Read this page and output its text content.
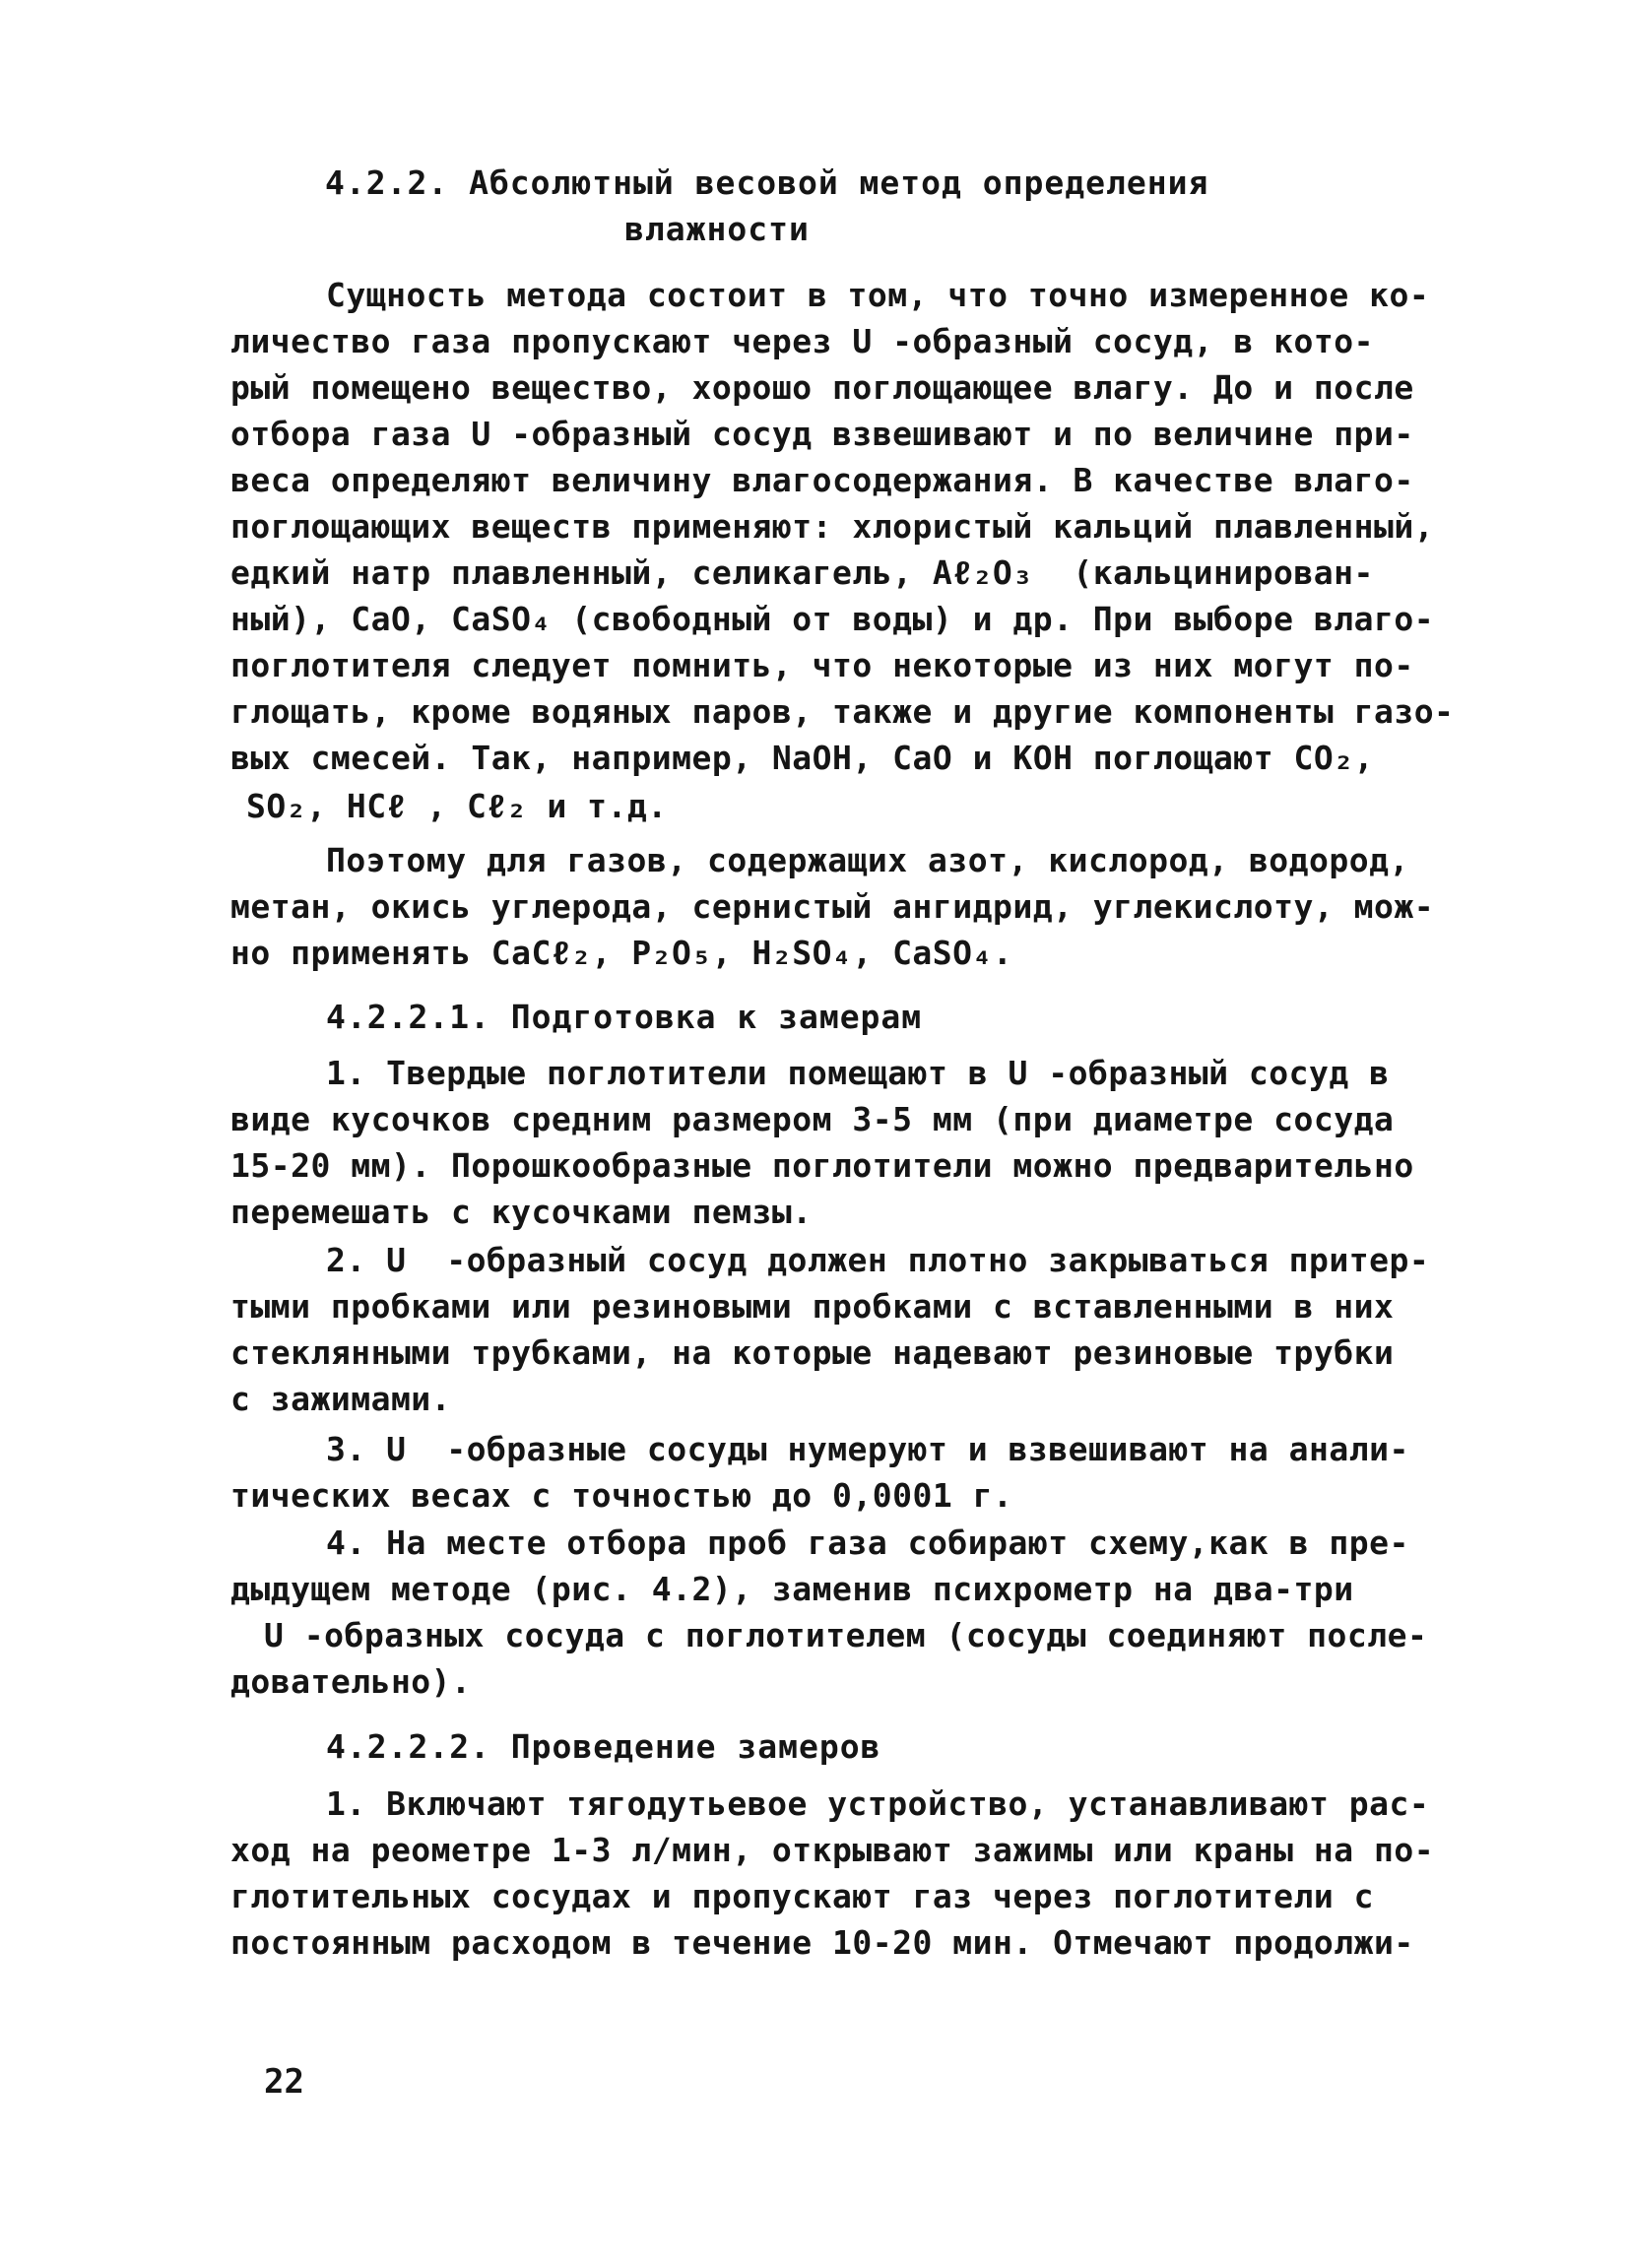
4.2.2. Абсолютный весовой метод определения
влажности
Сущность метода состоит в том, что точно измеренное ко-
личество газа пропускают через U -образный сосуд, в кото-
рый помещено вещество, хорошо поглощающее влагу. До и после
отбора газа U -образный сосуд взвешивают и по величине при-
веса определяют величину влагосодержания. В качестве влаго-
поглощающих веществ применяют: хлористый кальций плавленный,
едкий натр плавленный, селикагель, Aℓ₂O₃  (кальцинирован-
ный), CaO, CaSO₄ (свободный от воды) и др. При выборе влаго-
поглотителя следует помнить, что некоторые из них могут по-
глощать, кроме водяных паров, также и другие компоненты газо-
вых смесей. Так, например, NaOH, CaO и KOH поглощают CO₂,
SO₂, HCℓ , Cℓ₂ и т.д.
Поэтому для газов, содержащих азот, кислород, водород,
метан, окись углерода, сернистый ангидрид, углекислоту, мож-
но применять CaCℓ₂, P₂O₅, H₂SO₄, CaSO₄.
4.2.2.1. Подготовка к замерам
1. Твердые поглотители помещают в U -образный сосуд в
виде кусочков средним размером 3-5 мм (при диаметре сосуда
15-20 мм). Порошкообразные поглотители можно предварительно
перемешать с кусочками пемзы.
2. U  -образный сосуд должен плотно закрываться притер-
тыми пробками или резиновыми пробками с вставленными в них
стеклянными трубками, на которые надевают резиновые трубки
с зажимами.
3. U  -образные сосуды нумеруют и взвешивают на анали-
тических весах с точностью до 0,0001 г.
4. На месте отбора проб газа собирают схему,как в пре-
дыдущем методе (рис. 4.2), заменив психрометр на два-три
U -образных сосуда с поглотителем (сосуды соединяют после-
довательно).
4.2.2.2. Проведение замеров
1. Включают тягодутьевое устройство, устанавливают рас-
ход на реометре 1-3 л/мин, открывают зажимы или краны на по-
глотительных сосудах и пропускают газ через поглотители с
постоянным расходом в течение 10-20 мин. Отмечают продолжи-
22
